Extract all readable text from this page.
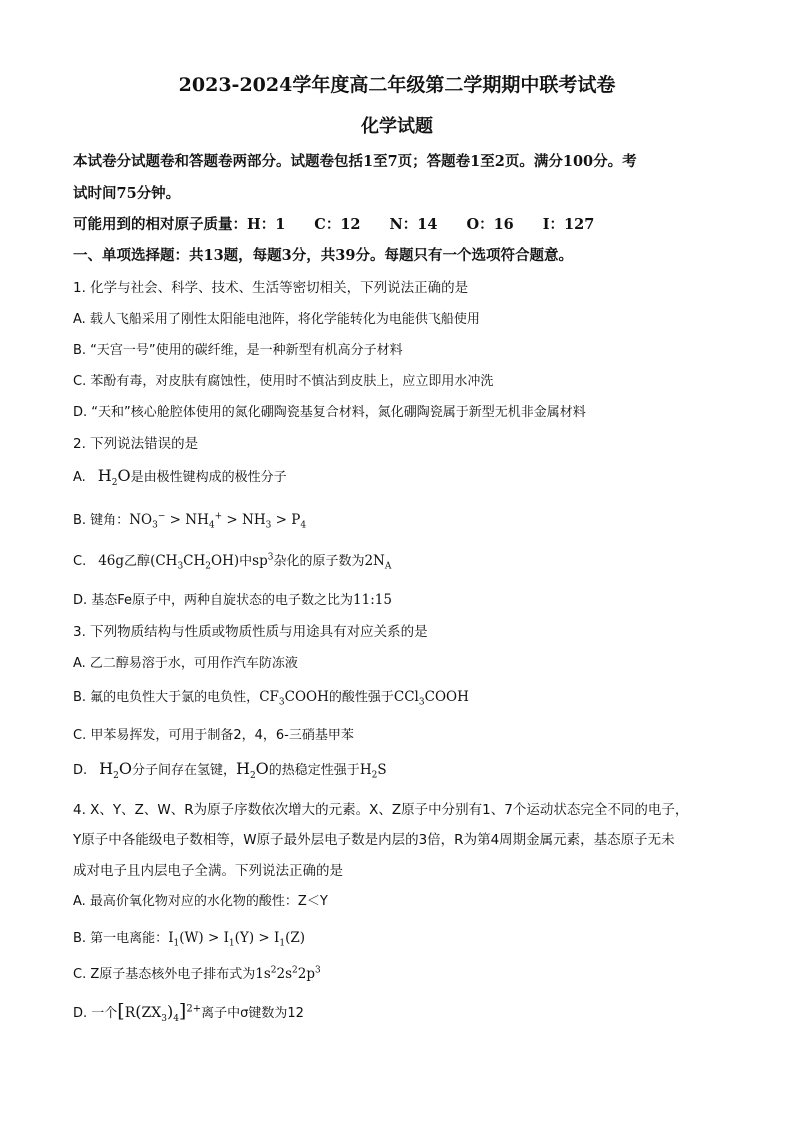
2023-2024学年度高二年级第二学期期中联考试卷
化学试题
本试卷分试题卷和答题卷两部分。试题卷包括1至7页；答题卷1至2页。满分100分。考
试时间75分钟。
可能用到的相对原子质量：H：1　　C：12　　N：14　　O：16　　I：127
一、单项选择题：共13题，每题3分，共39分。每题只有一个选项符合题意。
1. 化学与社会、科学、技术、生活等密切相关，下列说法正确的是
A. 载人飞船采用了刚性太阳能电池阵，将化学能转化为电能供飞船使用
B. “天宫一号”使用的碳纤维，是一种新型有机高分子材料
C. 苯酚有毒，对皮肤有腐蚀性，使用时不慎沾到皮肤上，应立即用水冲洗
D. “天和”核心舱腔体使用的氮化硼陶瓷基复合材料，氮化硼陶瓷属于新型无机非金属材料
2. 下列说法错误的是
A. $H_2O$是由极性键构成的极性分子
B. 键角：$NO_3^- > NH_4^+ > NH_3 > P_4$
C. 46g乙醇$(CH_3CH_2OH)$中$sp^3$杂化的原子数为$2N_A$
D. 基态Fe原子中，两种自旋状态的电子数之比为11:15
3. 下列物质结构与性质或物质性质与用途具有对应关系的是
A. 乙二醇易溶于水，可用作汽车防冻液
B. 氟的电负性大于氯的电负性，$CF_3COOH$的酸性强于CCl$_3$COOH
C. 甲苯易挥发，可用于制备2，4，6-三硝基甲苯
D. $H_2O$分子间存在氢键，$H_2O$的热稳定性强于$H_2S$
4. X、Y、Z、W、R为原子序数依次增大的元素。X、Z原子中分别有1、7个运动状态完全不同的电子，
Y原子中各能级电子数相等，W原子最外层电子数是内层的3倍，R为第4周期金属元素，基态原子无未
成对电子且内层电子全满。下列说法正确的是
A. 最高价氧化物对应的水化物的酸性：Z＜Y
B. 第一电离能：$I_1(W) > I_1(Y) > I_1(Z)$
C. Z原子基态核外电子排布式为$1s^22s^22p^3$
D. 一个$[R(ZX_3)_4]^{2+}$离子中σ键数为12
